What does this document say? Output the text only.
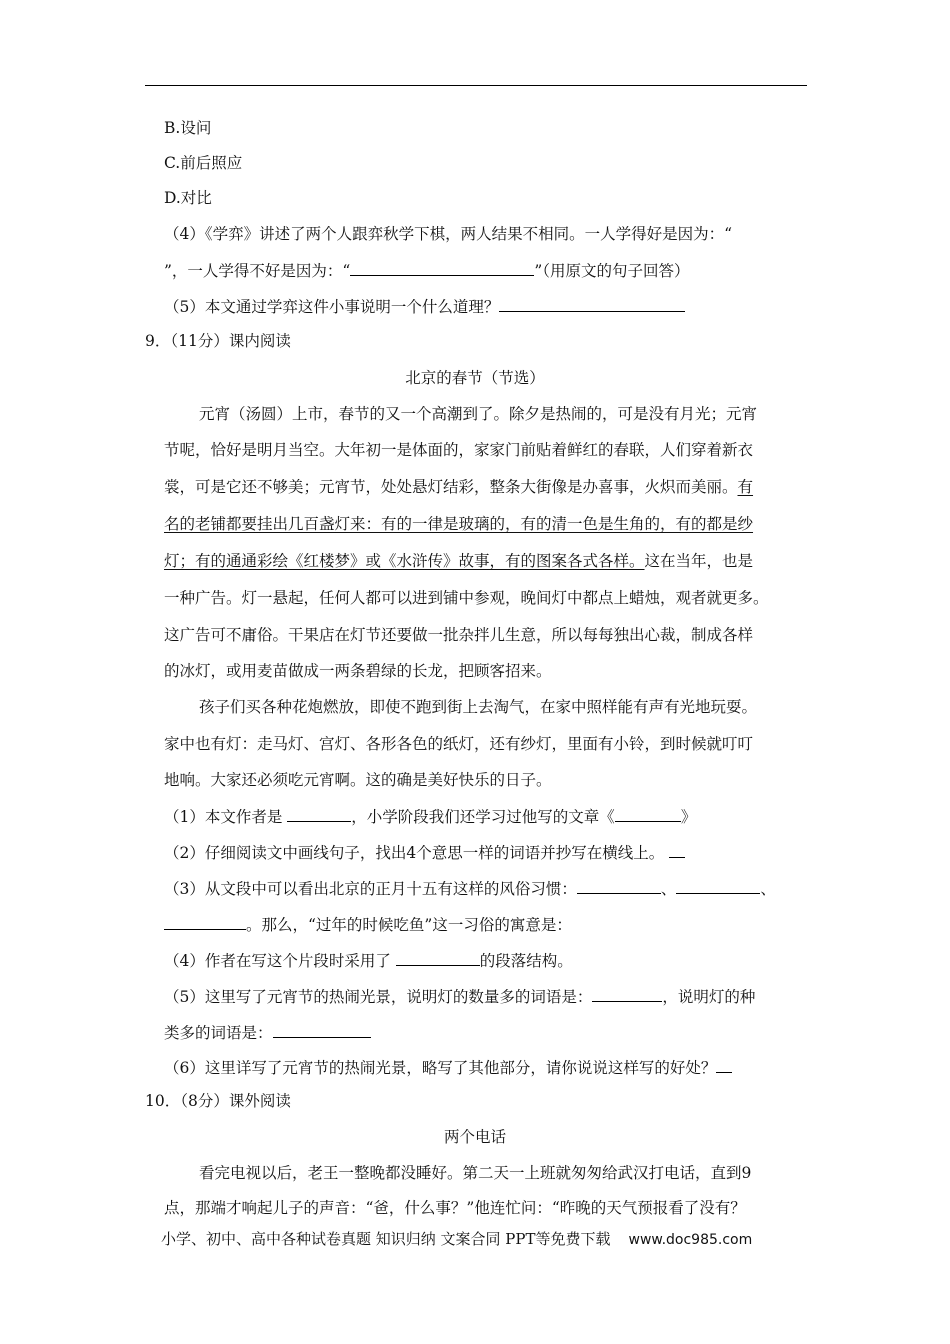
B.设问
C.前后照应
D.对比
（4）《学弈》讲述了两个人跟弈秋学下棋，两人结果不相同。一人学得好是因为：“
”，一人学得不好是因为：“	”（用原文的句子回答）
（5）本文通过学弈这件小事说明一个什么道理？
9．（11分）课内阅读
北京的春节（节选）
元宵（汤圆）上市，春节的又一个高潮到了。除夕是热闹的，可是没有月光；元宵
节呢，恰好是明月当空。大年初一是体面的，家家门前贴着鲜红的春联，人们穿着新衣
裳，可是它还不够美；元宵节，处处悬灯结彩，整条大街像是办喜事，火炽而美丽。有
名的老铺都要挂出几百盏灯来：有的一律是玻璃的，有的清一色是生角的，有的都是纱
灯；有的通通彩绘《红楼梦》或《水浒传》故事，有的图案各式各样。这在当年，也是
一种广告。灯一悬起，任何人都可以进到铺中参观，晚间灯中都点上蜡烛，观者就更多。
这广告可不庸俗。干果店在灯节还要做一批杂拌儿生意，所以每每独出心裁，制成各样
的冰灯，或用麦苗做成一两条碧绿的长龙，把顾客招来。
孩子们买各种花炮燃放，即使不跑到街上去淘气，在家中照样能有声有光地玩耍。
家中也有灯：走马灯、宫灯、各形各色的纸灯，还有纱灯，里面有小铃，到时候就叮叮
地响。大家还必须吃元宵啊。这的确是美好快乐的日子。
（1）本文作者是	，小学阶段我们还学习过他写的文章《	》
（2）仔细阅读文中画线句子，找出4个意思一样的词语并抄写在横线上。
（3）从文段中可以看出北京的正月十五有这样的风俗习惯：	、	、
。那么，“过年的时候吃鱼”这一习俗的寓意是：
（4）作者在写这个片段时采用了	的段落结构。
（5）这里写了元宵节的热闹光景，说明灯的数量多的词语是：	，说明灯的种
类多的词语是：
（6）这里详写了元宵节的热闹光景，略写了其他部分，请你说说这样写的好处？
10．（8分）课外阅读
两个电话
看完电视以后，老王一整晚都没睡好。第二天一上班就匆匆给武汉打电话，直到9
点，那端才响起儿子的声音：“爸，什么事？”他连忙问：“昨晚的天气预报看了没有？
小学、初中、高中各种试卷真题 知识归纳 文案合同 PPT等免费下载 www.doc985.com
